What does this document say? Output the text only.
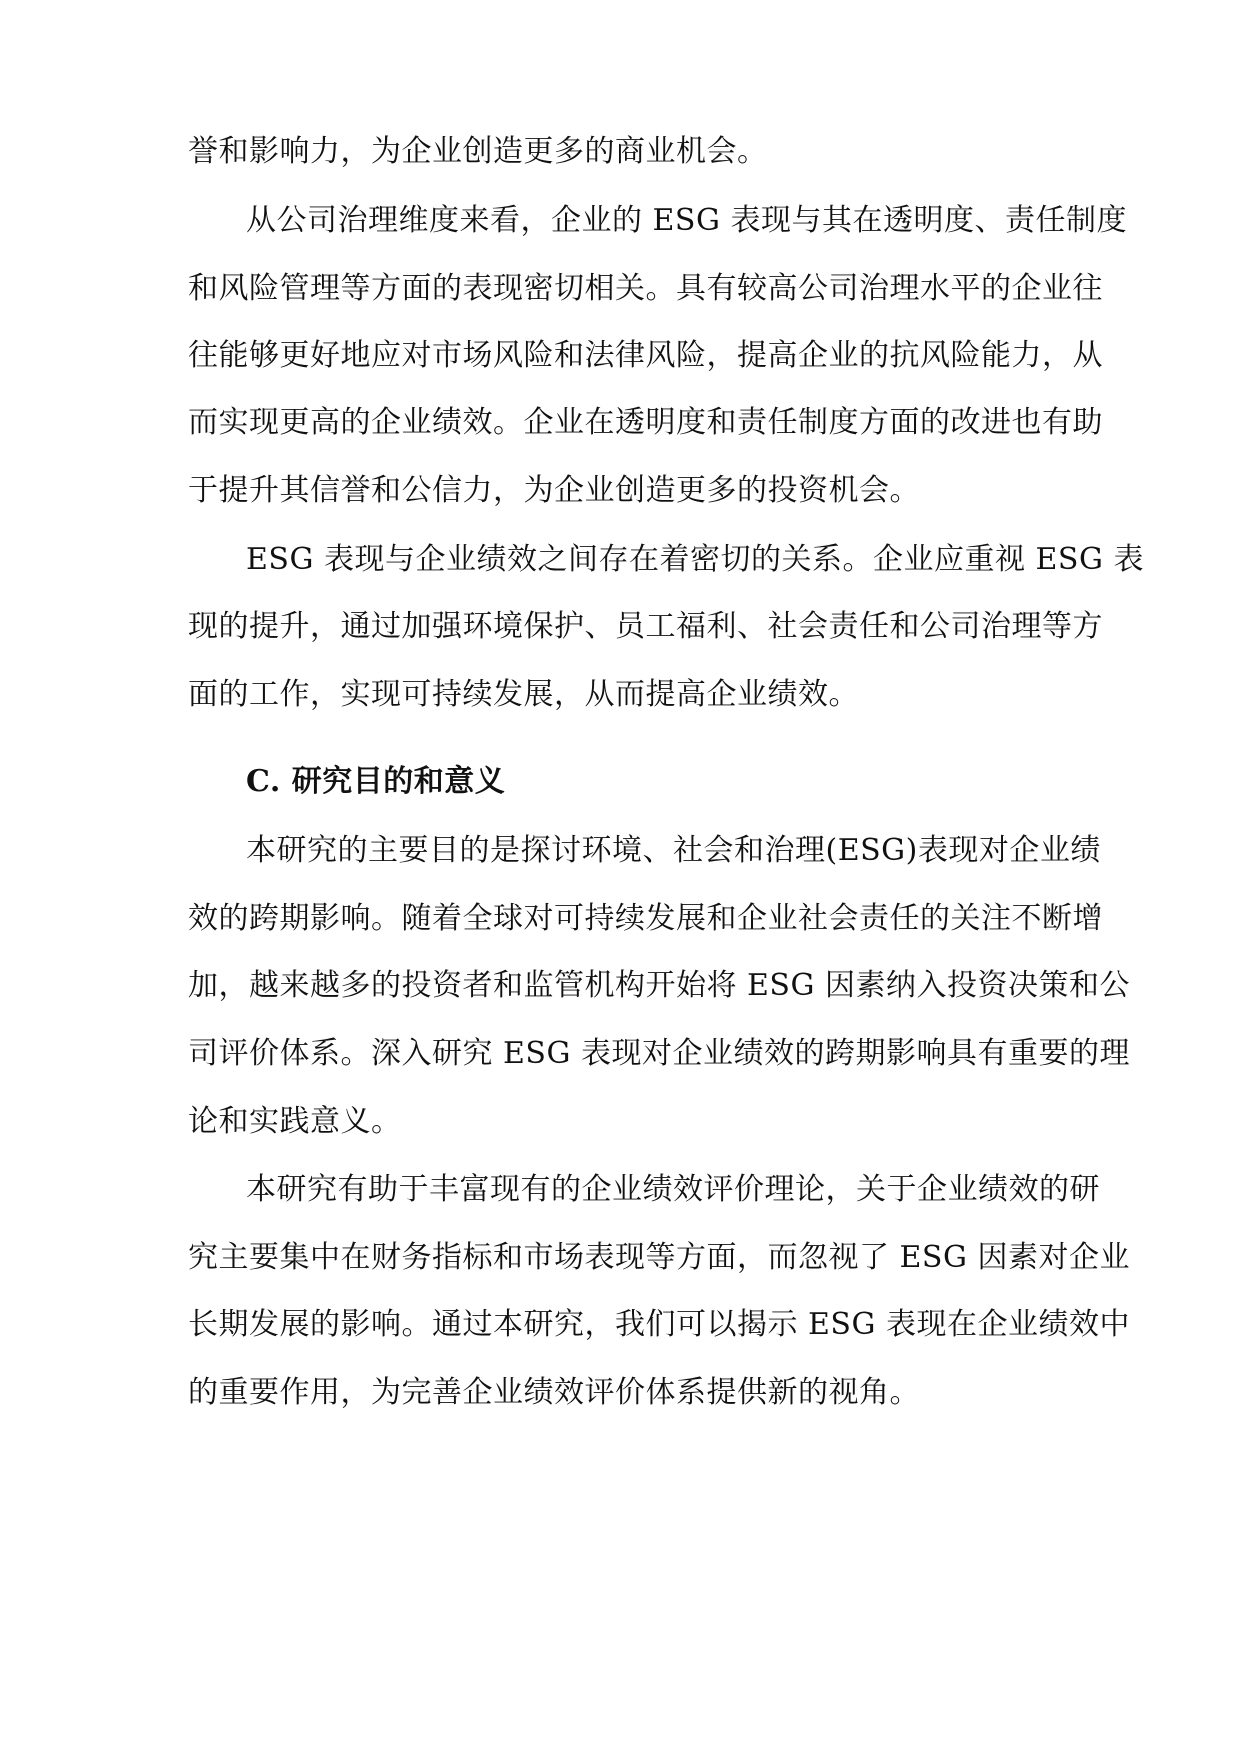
誉和影响力，为企业创造更多的商业机会。
从公司治理维度来看，企业的 ESG 表现与其在透明度、责任制度
和风险管理等方面的表现密切相关。具有较高公司治理水平的企业往
往能够更好地应对市场风险和法律风险，提高企业的抗风险能力，从
而实现更高的企业绩效。企业在透明度和责任制度方面的改进也有助
于提升其信誉和公信力，为企业创造更多的投资机会。
ESG 表现与企业绩效之间存在着密切的关系。企业应重视 ESG 表
现的提升，通过加强环境保护、员工福利、社会责任和公司治理等方
面的工作，实现可持续发展，从而提高企业绩效。
C. 研究目的和意义
本研究的主要目的是探讨环境、社会和治理(ESG)表现对企业绩
效的跨期影响。随着全球对可持续发展和企业社会责任的关注不断增
加，越来越多的投资者和监管机构开始将 ESG 因素纳入投资决策和公
司评价体系。深入研究 ESG 表现对企业绩效的跨期影响具有重要的理
论和实践意义。
本研究有助于丰富现有的企业绩效评价理论，关于企业绩效的研
究主要集中在财务指标和市场表现等方面，而忽视了 ESG 因素对企业
长期发展的影响。通过本研究，我们可以揭示 ESG 表现在企业绩效中
的重要作用，为完善企业绩效评价体系提供新的视角。
